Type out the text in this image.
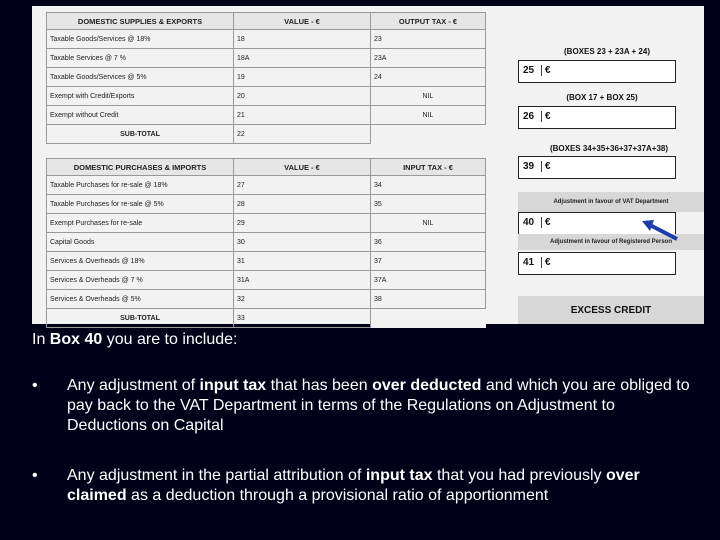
DOMESTIC SUPPLIES & EXPORTS	VALUE - €	OUTPUT TAX - €
Taxable Goods/Services @ 18%	18	23
Taxable Services @ 7 %	18A	23A
Taxable Goods/Services @ 5%	19	24
Exempt with Credit/Exports	20	NIL
Exempt without Credit	21	NIL
SUB-TOTAL	22	
DOMESTIC PURCHASES & IMPORTS	VALUE - €	INPUT TAX - €
Taxable Purchases for re-sale @ 18%	27	34
Taxable Purchases for re-sale @ 5%	28	35
Exempt Purchases for re-sale	29	NIL
Capital Goods	30	36
Services & Overheads @ 18%	31	37
Services & Overheads @ 7 %	31A	37A
Services & Overheads @ 5%	32	38
SUB-TOTAL	33	
(BOXES 23 + 23A + 24)
25	€
(BOX 17 + BOX 25)
26	€
(BOXES 34+35+36+37+37A+38)
39	€
Adjustment in favour of VAT Department
40	€
Adjustment in favour of Registered Person
41	€
EXCESS CREDIT
In Box 40 you are to include:
• Any adjustment of input tax that has been over deducted and which you are obliged to pay back to the VAT Department in terms of the Regulations on Adjustment to Deductions on Capital
• Any adjustment in the partial attribution of input tax that you had previously over claimed as a deduction through a provisional ratio of apportionment
